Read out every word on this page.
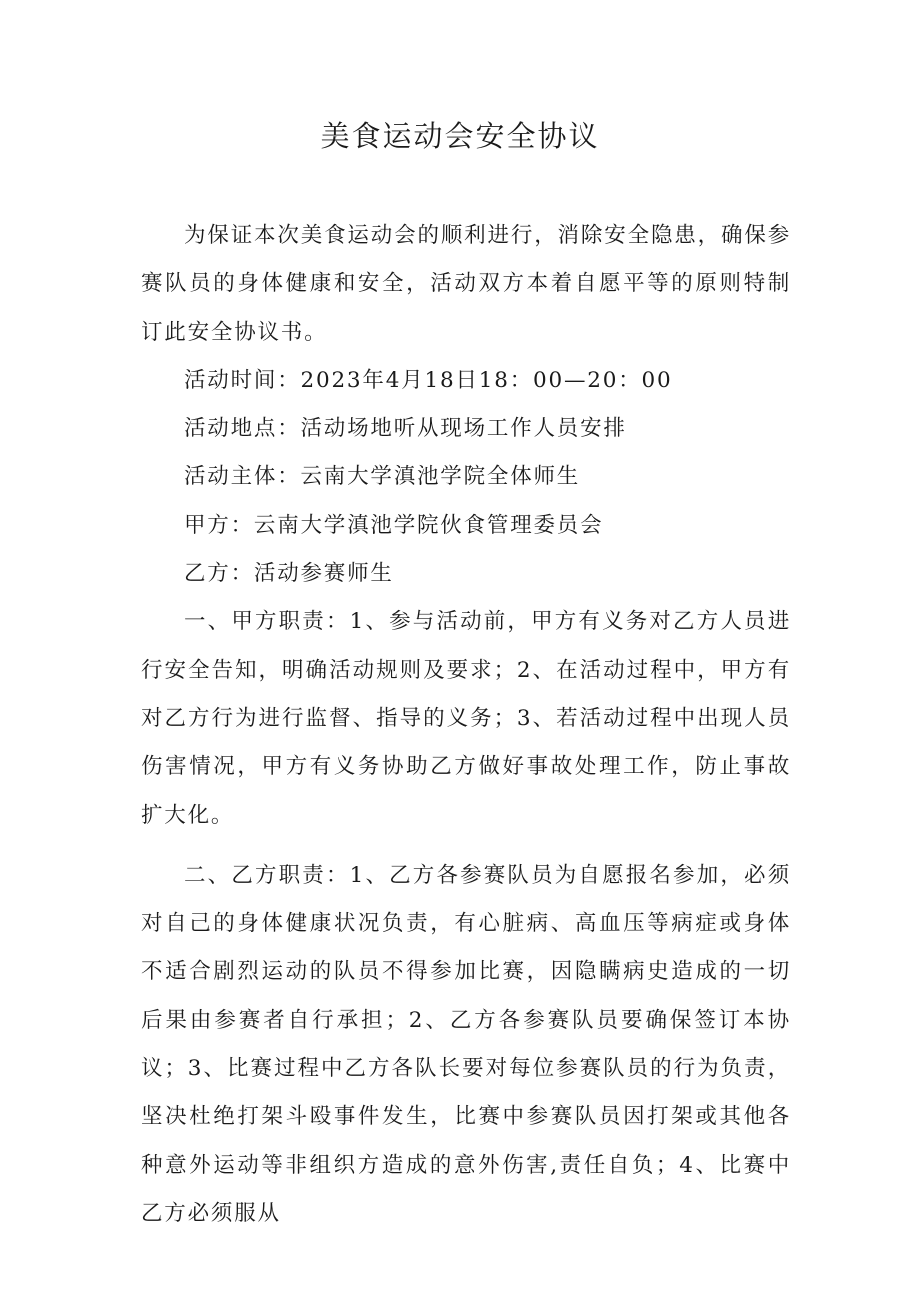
美食运动会安全协议

为保证本次美食运动会的顺利进行，消除安全隐患，确保参赛队员的身体健康和安全，活动双方本着自愿平等的原则特制订此安全协议书。

活动时间：2023年4月18日18：00—20：00

活动地点：活动场地听从现场工作人员安排

活动主体：云南大学滇池学院全体师生

甲方：云南大学滇池学院伙食管理委员会

乙方：活动参赛师生

一、甲方职责：1、参与活动前，甲方有义务对乙方人员进行安全告知，明确活动规则及要求；2、在活动过程中，甲方有对乙方行为进行监督、指导的义务；3、若活动过程中出现人员伤害情况，甲方有义务协助乙方做好事故处理工作，防止事故扩大化。

二、乙方职责：1、乙方各参赛队员为自愿报名参加，必须对自己的身体健康状况负责，有心脏病、高血压等病症或身体不适合剧烈运动的队员不得参加比赛，因隐瞒病史造成的一切后果由参赛者自行承担；2、乙方各参赛队员要确保签订本协议；3、比赛过程中乙方各队长要对每位参赛队员的行为负责，坚决杜绝打架斗殴事件发生，比赛中参赛队员因打架或其他各种意外运动等非组织方造成的意外伤害,责任自负；4、比赛中乙方必须服从
